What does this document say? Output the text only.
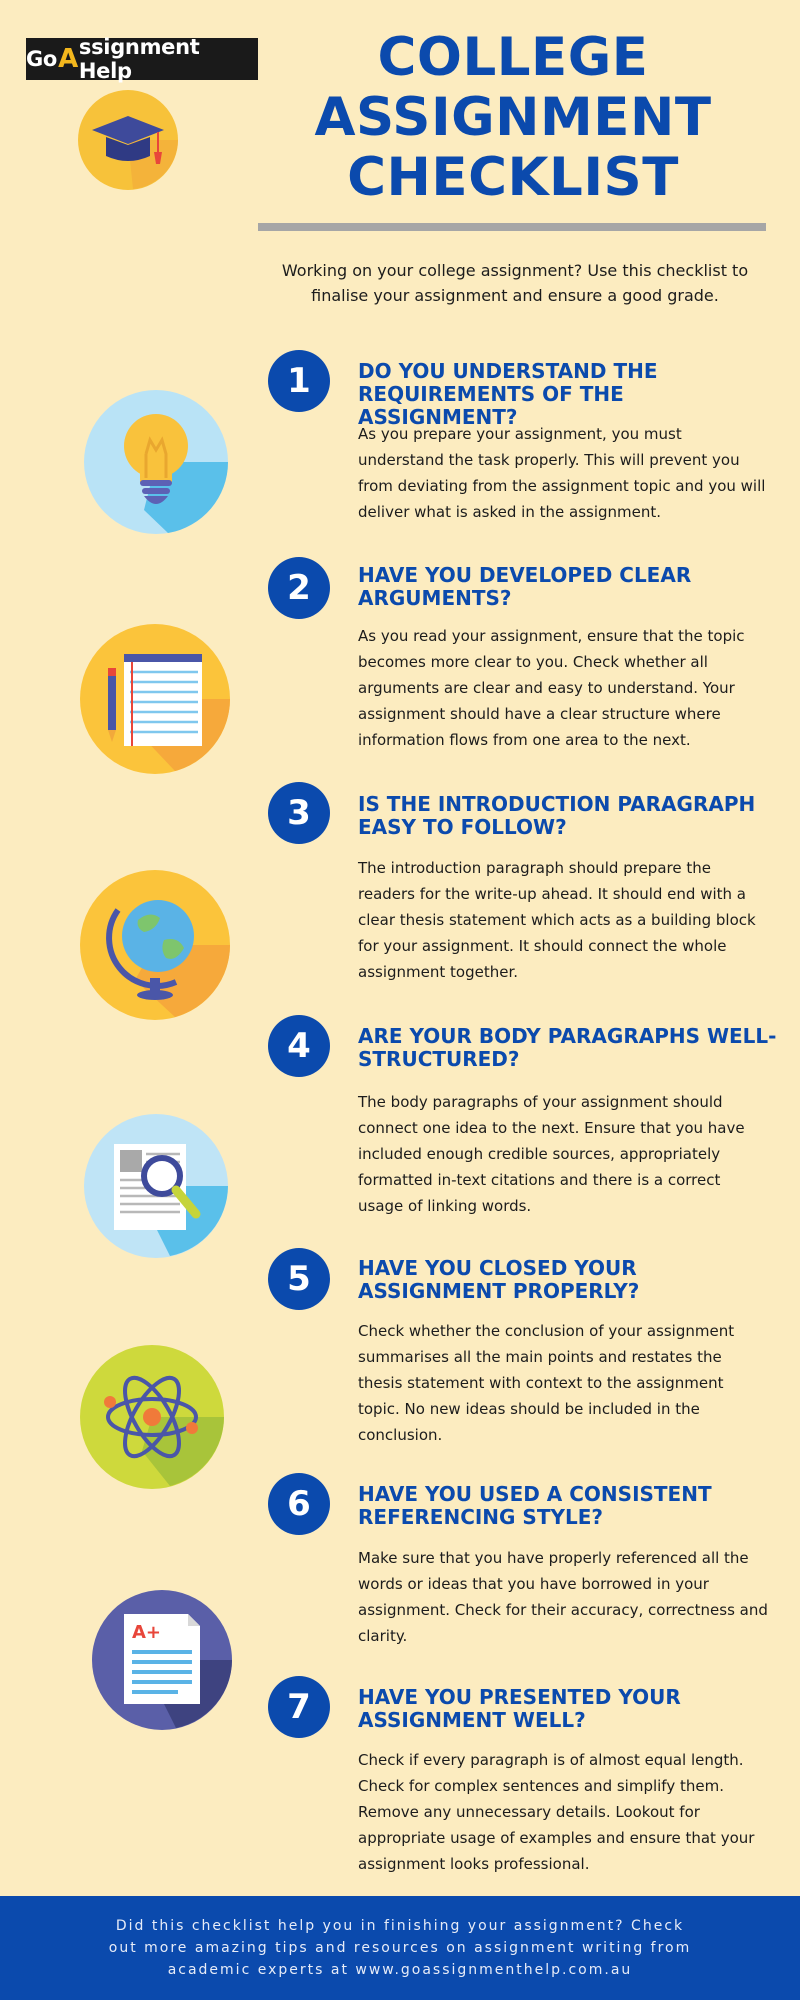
Go A ssignment Help	COLLEGE
ASSIGNMENT
CHECKLIST
Working on your college assignment? Use this checklist to finalise your assignment and ensure a good grade.
1	DO YOU UNDERSTAND THE REQUIREMENTS OF THE ASSIGNMENT?
As you prepare your assignment, you must understand the task properly. This will prevent you from deviating from the assignment topic and you will deliver what is asked in the assignment.
2	HAVE YOU DEVELOPED CLEAR ARGUMENTS?
As you read your assignment, ensure that the topic becomes more clear to you. Check whether all arguments are clear and easy to understand. Your assignment should have a clear structure where information flows from one area to the next.
3	IS THE INTRODUCTION PARAGRAPH EASY TO FOLLOW?
The introduction paragraph should prepare the readers for the write-up ahead. It should end with a clear thesis statement which acts as a building block for your assignment. It should connect the whole assignment together.
4	ARE YOUR BODY PARAGRAPHS WELL-STRUCTURED?
The body paragraphs of your assignment should connect one idea to the next. Ensure that you have included enough credible sources, appropriately formatted in-text citations and there is a correct usage of linking words.
5	HAVE YOU CLOSED YOUR ASSIGNMENT PROPERLY?
Check whether the conclusion of your assignment summarises all the main points and restates the thesis statement with context to the assignment topic. No new ideas should be included in the conclusion.
6	HAVE YOU USED A CONSISTENT REFERENCING STYLE?
Make sure that you have properly referenced all the words or ideas that you have borrowed in your assignment. Check for their accuracy, correctness and clarity.
A+
7	HAVE YOU PRESENTED YOUR ASSIGNMENT WELL?
Check if every paragraph is of almost equal length. Check for complex sentences and simplify them. Remove any unnecessary details. Lookout for appropriate usage of examples and ensure that your assignment looks professional.
Did this checklist help you in finishing your assignment? Check out more amazing tips and resources on assignment writing from academic experts at www.goassignmenthelp.com.au
